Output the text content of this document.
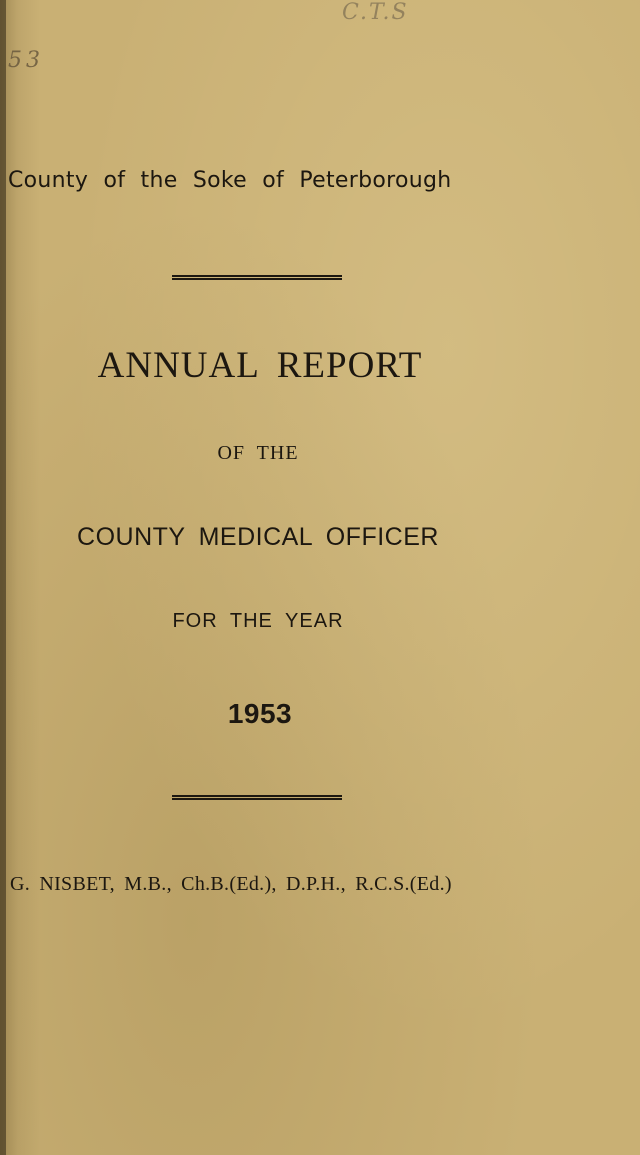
C.T.S
53
County of the Soke of Peterborough
ANNUAL REPORT
OF THE
COUNTY MEDICAL OFFICER
FOR THE YEAR
1953
G. NISBET, M.B., Ch.B.(Ed.), D.P.H., R.C.S.(Ed.)
